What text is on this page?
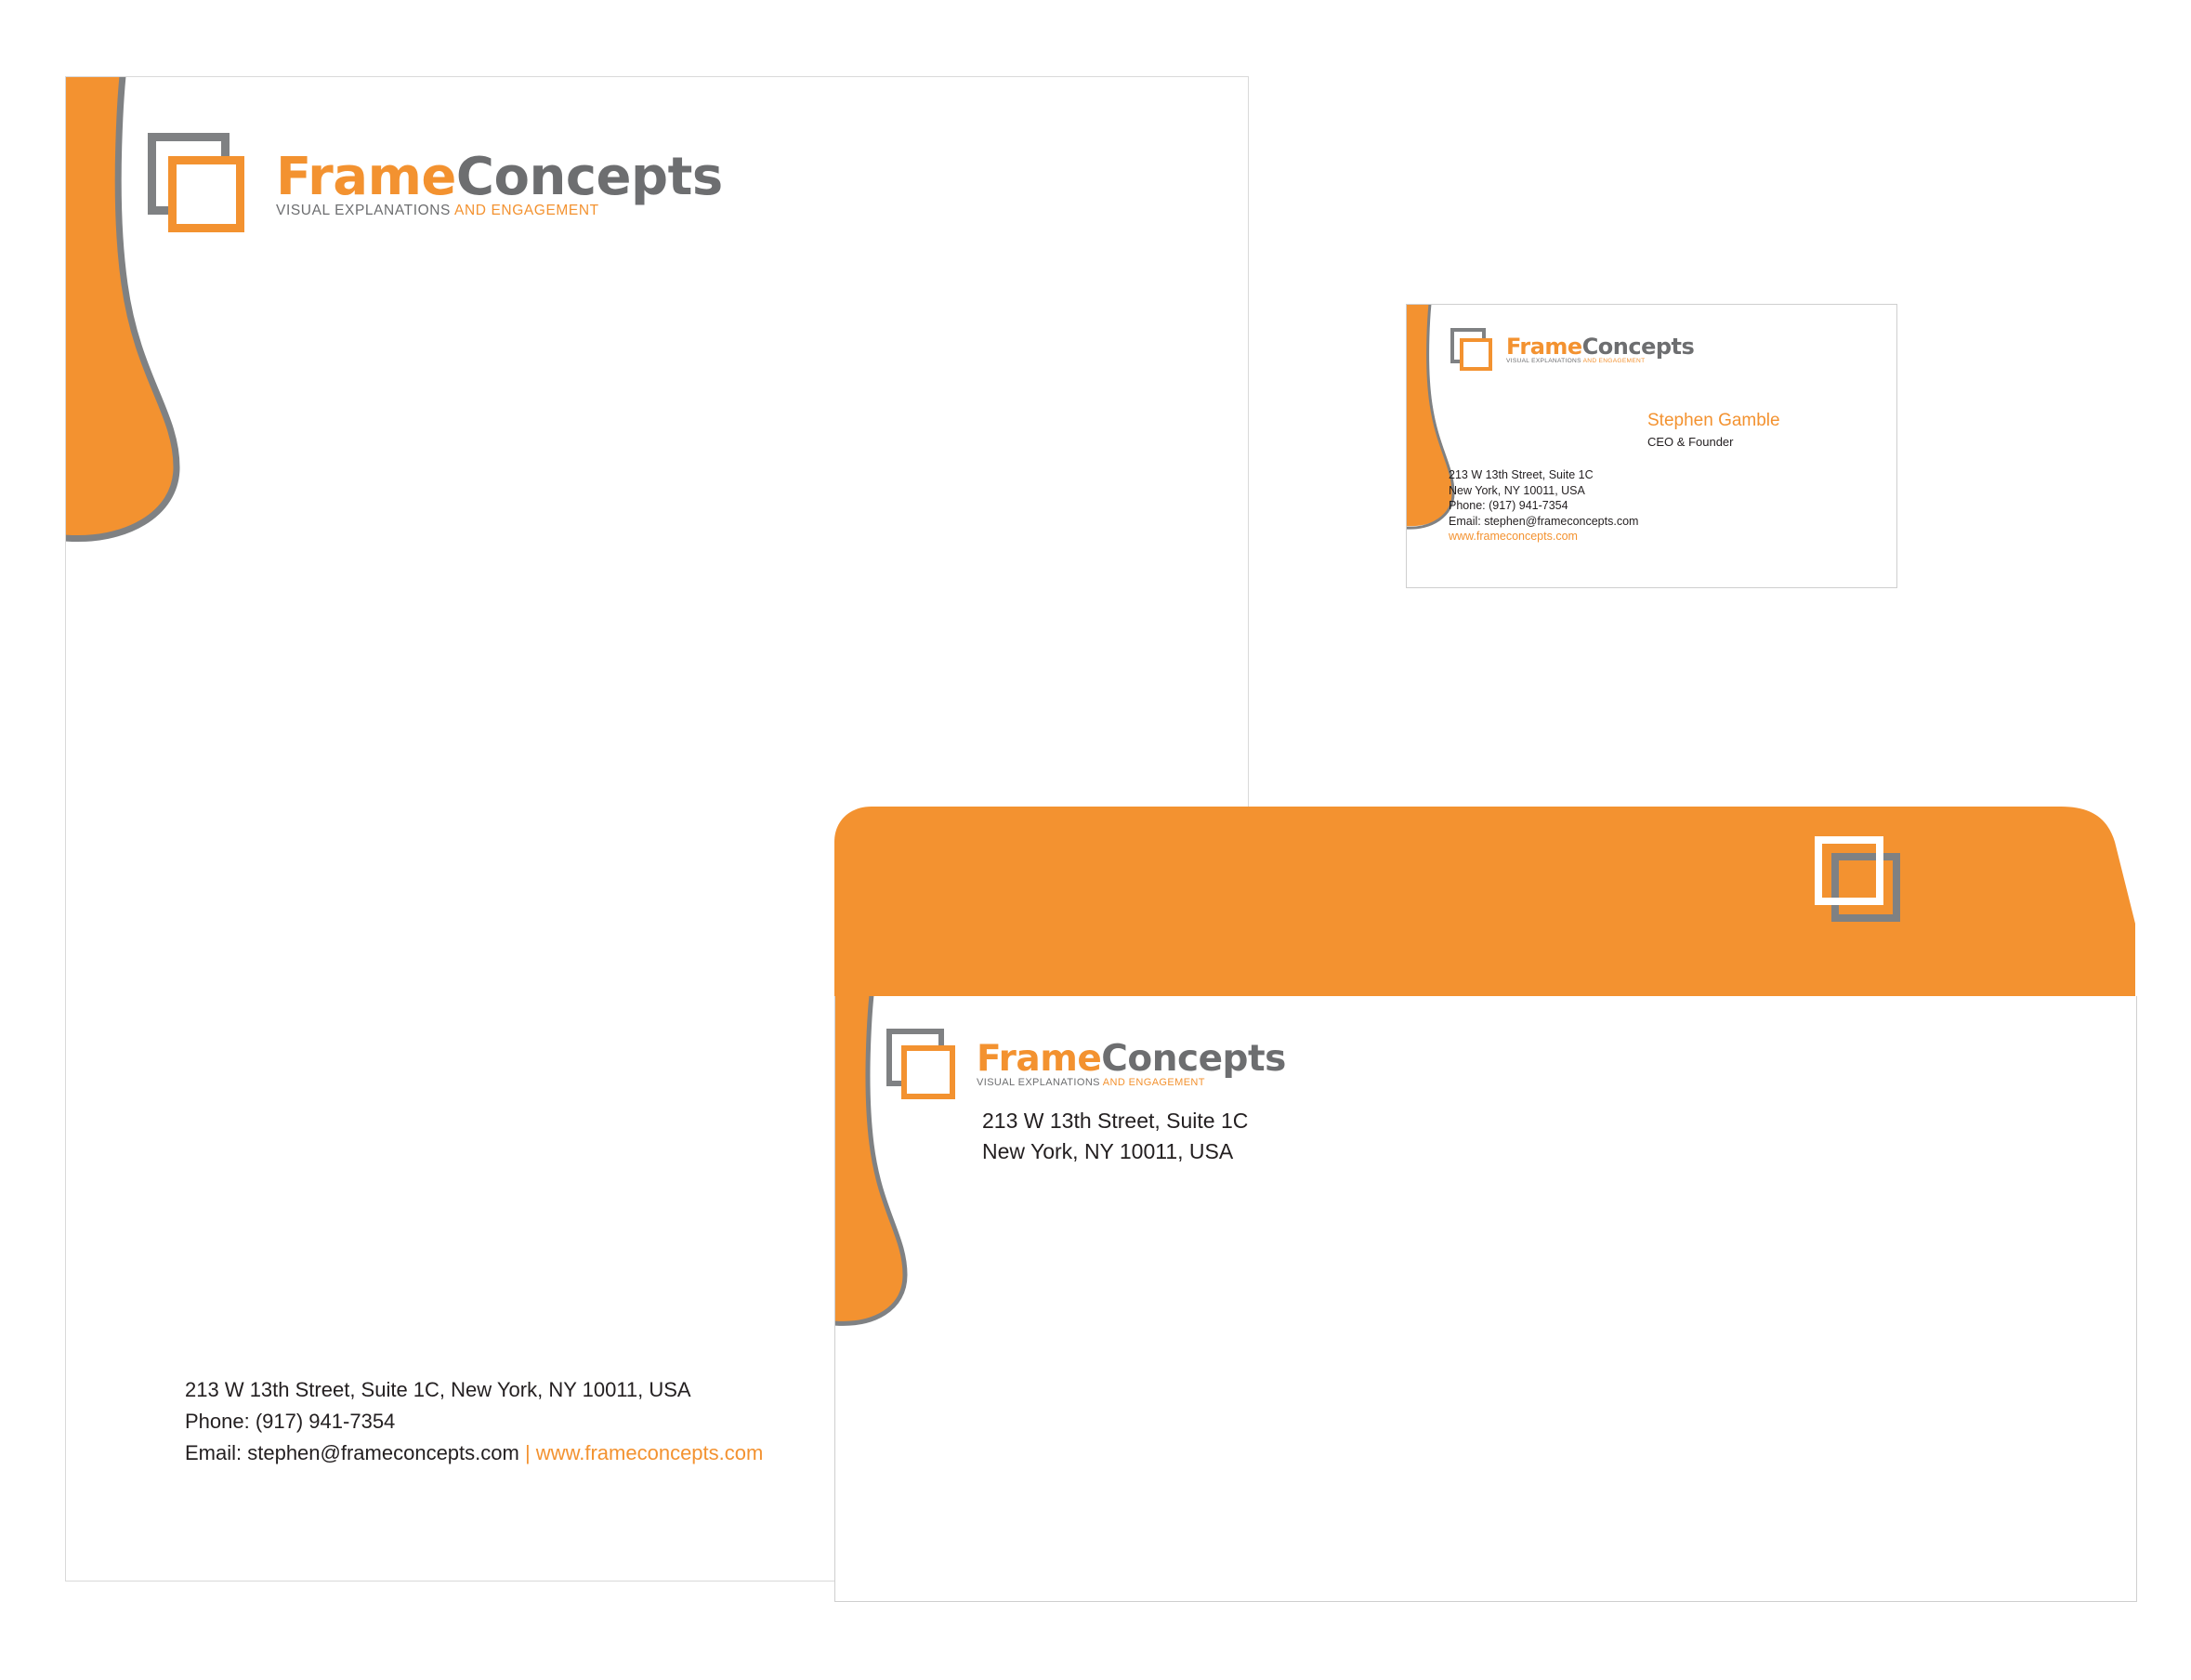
FrameConcepts
VISUAL EXPLANATIONS AND ENGAGEMENT
213 W 13th Street, Suite 1C, New York, NY 10011, USA
Phone: (917) 941-7354
Email: stephen@frameconcepts.com | www.frameconcepts.com
FrameConcepts
VISUAL EXPLANATIONS AND ENGAGEMENT
Stephen Gamble
CEO & Founder
213 W 13th Street, Suite 1C
New York, NY 10011, USA
Phone: (917) 941-7354
Email: stephen@frameconcepts.com
www.frameconcepts.com
FrameConcepts
VISUAL EXPLANATIONS AND ENGAGEMENT
213 W 13th Street, Suite 1C
New York, NY 10011, USA
